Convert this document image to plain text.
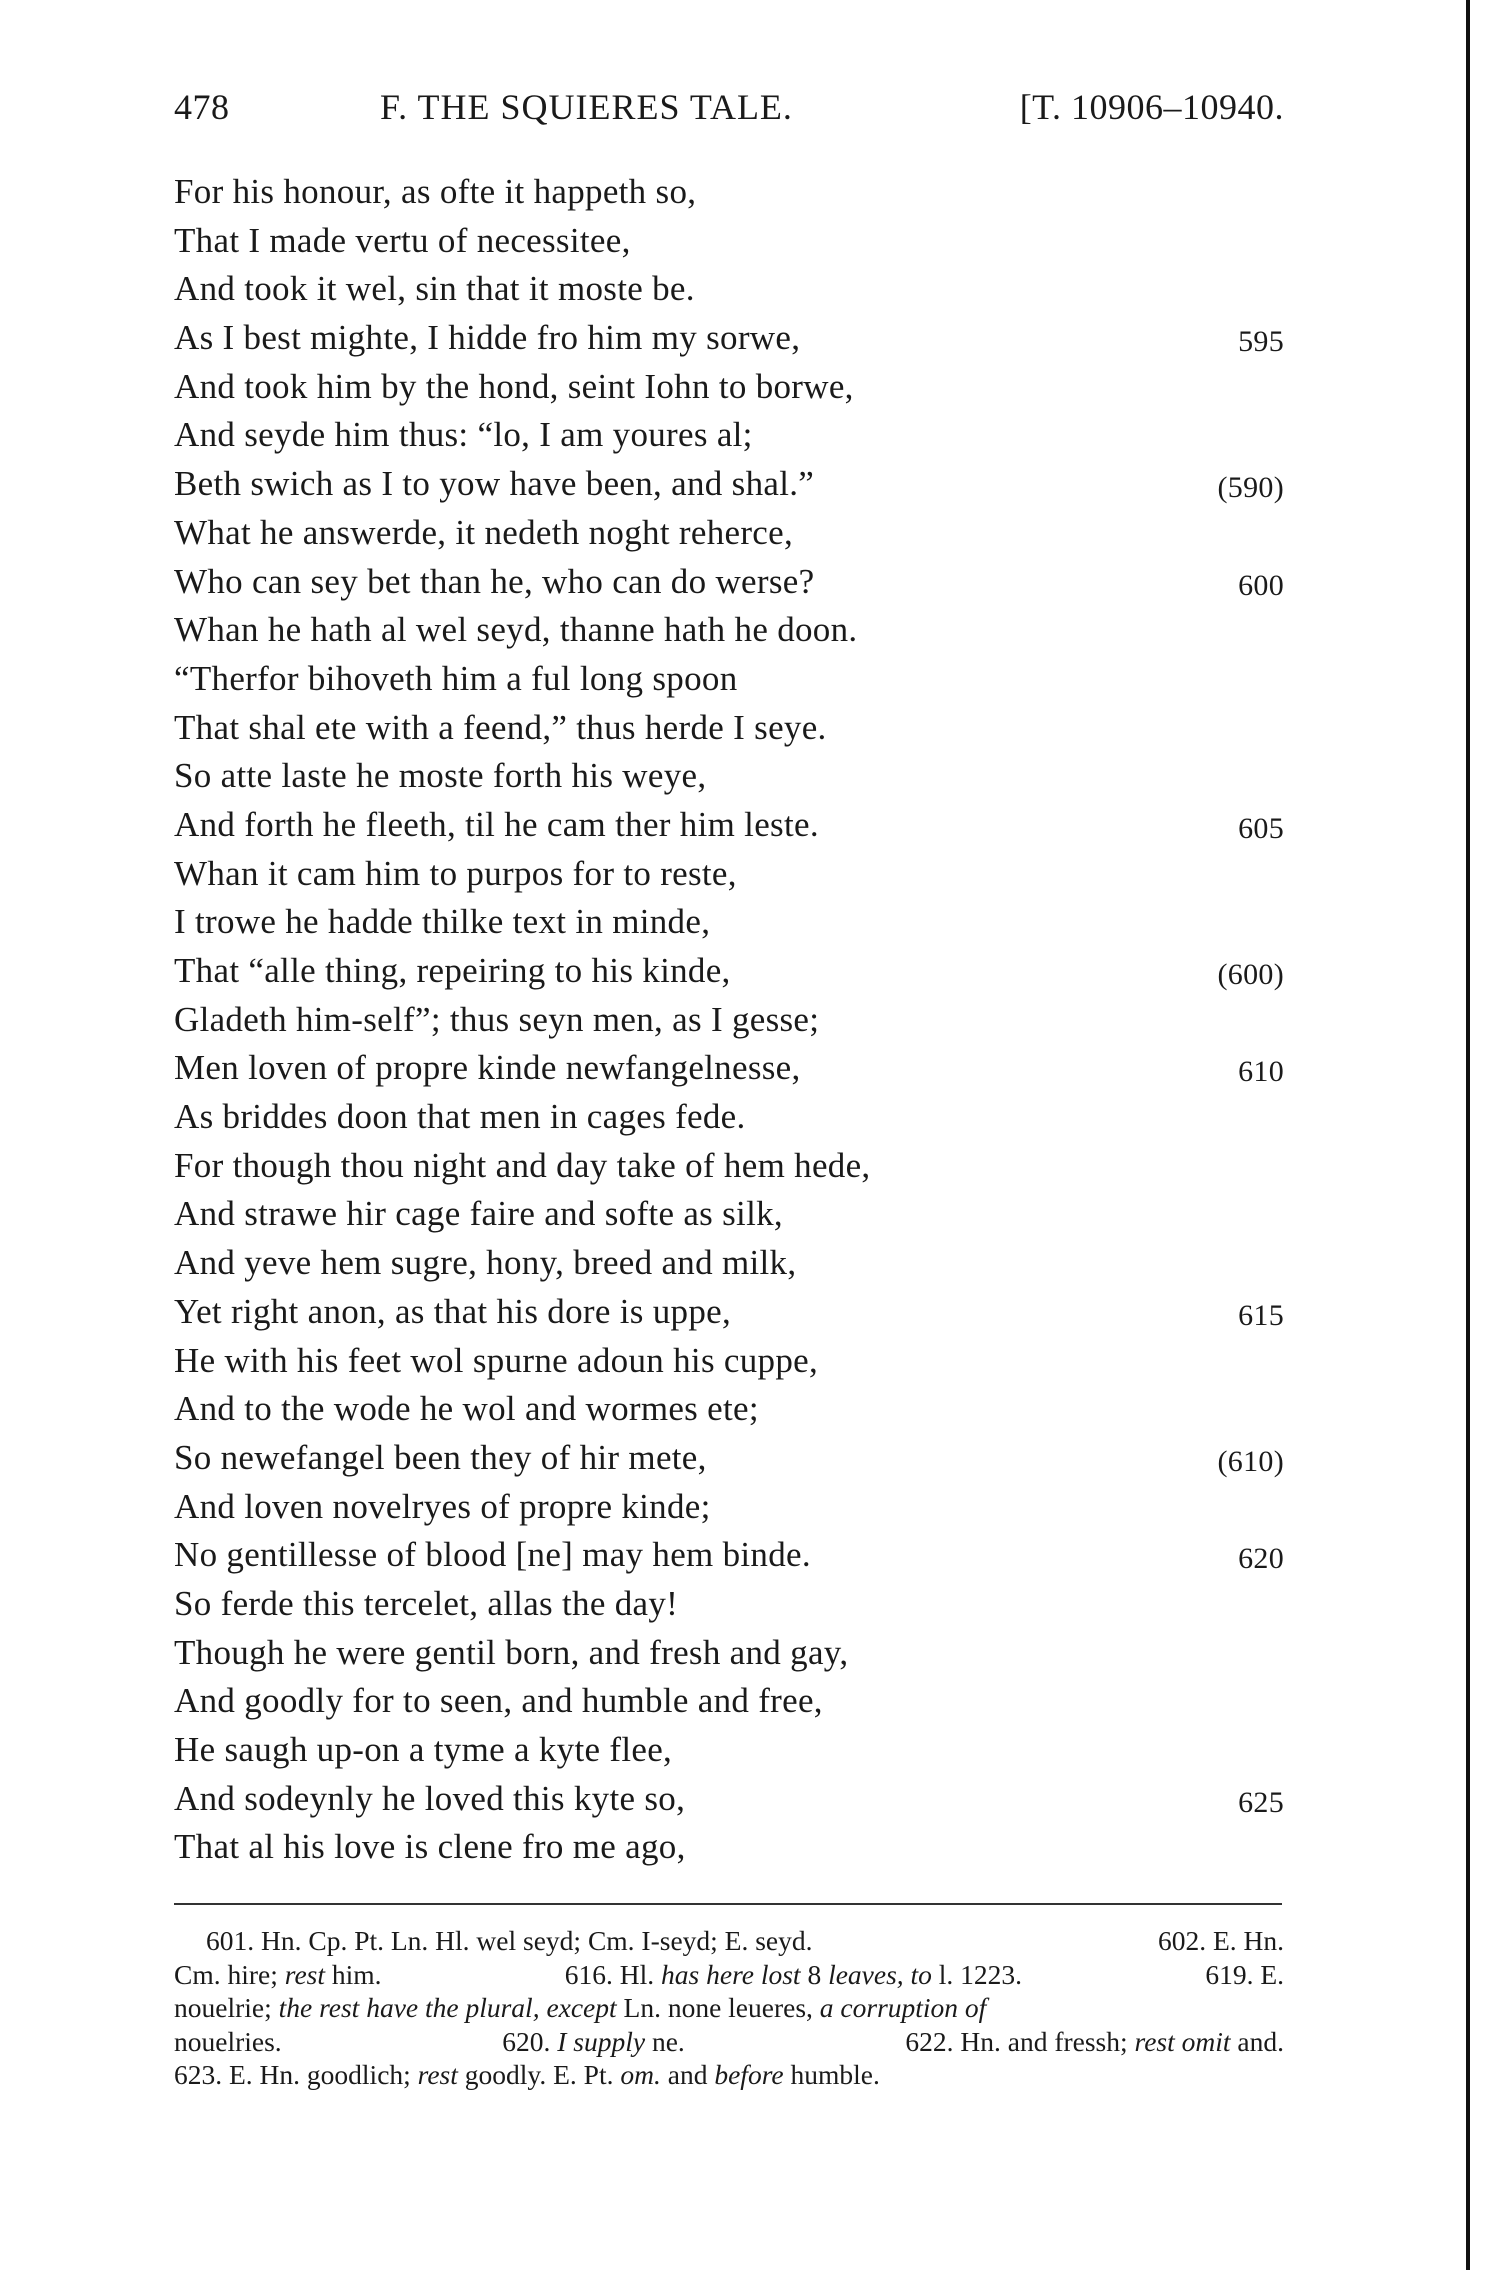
478	F. THE SQUIERES TALE.	[T. 10906–10940.
For his honour, as ofte it happeth so,
That I made vertu of necessitee,
And took it wel, sin that it moste be.
As I best mighte, I hidde fro him my sorwe,	595
And took him by the hond, seint Iohn to borwe,
And seyde him thus: “lo, I am youres al;
Beth swich as I to yow have been, and shal.”	(590)
What he answerde, it nedeth noght reherce,
Who can sey bet than he, who can do werse?	600
Whan he hath al wel seyd, thanne hath he doon.
“Therfor bihoveth him a ful long spoon
That shal ete with a feend,” thus herde I seye.
So atte laste he moste forth his weye,
And forth he fleeth, til he cam ther him leste.	605
Whan it cam him to purpos for to reste,
I trowe he hadde thilke text in minde,
That “alle thing, repeiring to his kinde,	(600)
Gladeth him-self”; thus seyn men, as I gesse;
Men loven of propre kinde newfangelnesse,	610
As briddes doon that men in cages fede.
For though thou night and day take of hem hede,
And strawe hir cage faire and softe as silk,
And yeve hem sugre, hony, breed and milk,
Yet right anon, as that his dore is uppe,	615
He with his feet wol spurne adoun his cuppe,
And to the wode he wol and wormes ete;
So newefangel been they of hir mete,	(610)
And loven novelryes of propre kinde;
No gentillesse of blood [ne] may hem binde.	620
So ferde this tercelet, allas the day!
Though he were gentil born, and fresh and gay,
And goodly for to seen, and humble and free,
He saugh up-on a tyme a kyte flee,
And sodeynly he loved this kyte so,	625
That al his love is clene fro me ago,
601. Hn. Cp. Pt. Ln. Hl. wel seyd; Cm. I-seyd; E. seyd.	602. E. Hn.
Cm. hire; rest him.	616. Hl. has here lost 8 leaves, to l. 1223.	619. E.
nouelrie; the rest have the plural, except Ln. none leueres, a corruption of
nouelries.	620. I supply ne.	622. Hn. and fressh; rest omit and.
623. E. Hn. goodlich; rest goodly. E. Pt. om. and before humble.
